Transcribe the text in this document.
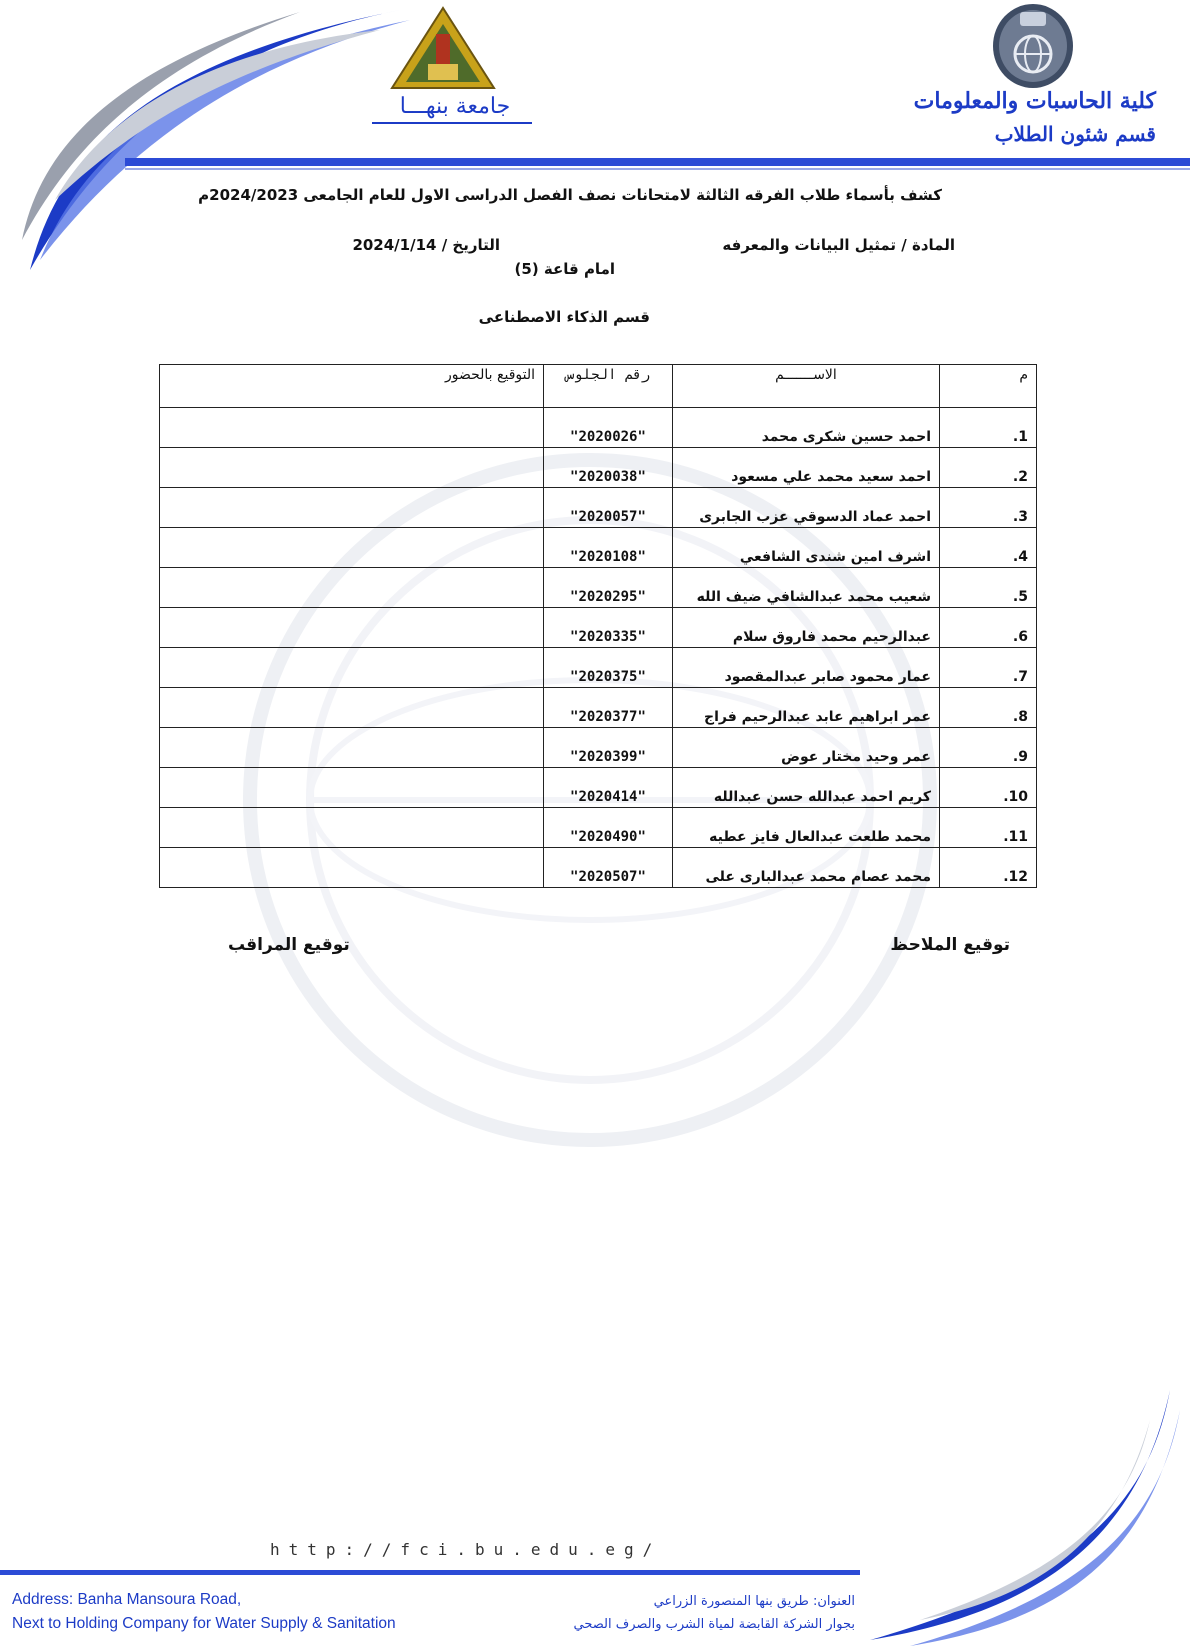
كلية الحاسبات والمعلومات
قسم شئون الطلاب
جامعة بنهـــا
كشف بأسماء طلاب الفرقه الثالثة لامتحانات نصف الفصل الدراسى الاول للعام الجامعى 2024/2023م
المادة / تمثيل البيانات والمعرفه
التاريخ / 2024/1/14
امام قاعة (5)
قسم الذكاء الاصطناعى
م	الاســـــــم	رقم الجلوس	التوقيع بالحضور
1.	احمد حسين شكرى محمد	"2020026"	
2.	احمد سعيد محمد علي مسعود	"2020038"	
3.	احمد عماد الدسوقي عزب الجابرى	"2020057"	
4.	اشرف امين شندى الشافعي	"2020108"	
5.	شعيب محمد عبدالشافي ضيف الله	"2020295"	
6.	عبدالرحيم محمد فاروق سلام	"2020335"	
7.	عمار محمود صابر عبدالمقصود	"2020375"	
8.	عمر ابراهيم عابد عبدالرحيم فراج	"2020377"	
9.	عمر وحيد مختار عوض	"2020399"	
10.	كريم احمد عبدالله حسن عبدالله	"2020414"	
11.	محمد طلعت عبدالعال فايز عطيه	"2020490"	
12.	محمد عصام محمد عبدالبارى على	"2020507"	
توقيع الملاحظ
توقيع المراقب
http://fci.bu.edu.eg/
Address: Banha Mansoura Road,
Next to Holding Company for Water Supply & Sanitation
العنوان: طريق بنها المنصورة الزراعي
بجوار الشركة القابضة لمياة الشرب والصرف الصحي
